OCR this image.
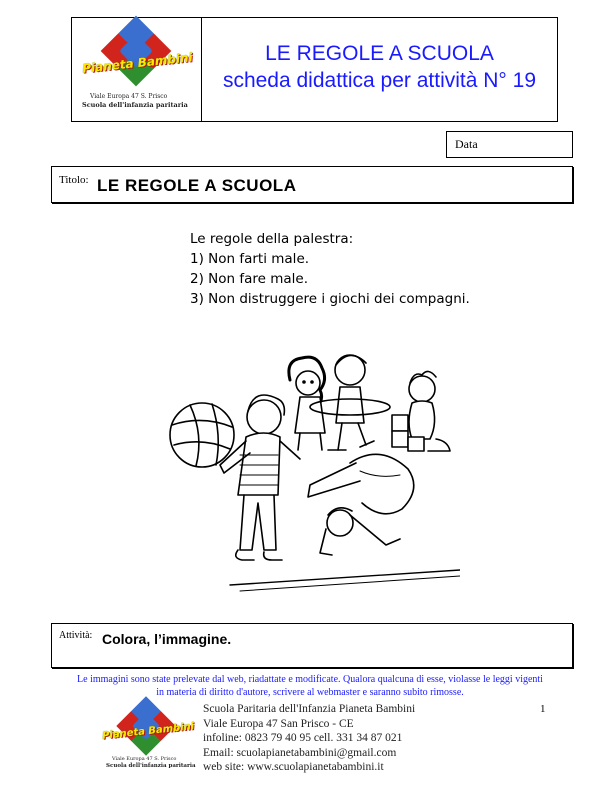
Pianeta Bambini
Viale Europa 47 S. Prisco
Scuola dell'infanzia paritaria
LE REGOLE A SCUOLA
scheda didattica per attività N° 19
Data
Titolo: LE REGOLE A SCUOLA
Le regole della palestra:
1) Non farti male.
2) Non fare male.
3) Non distruggere i giochi dei compagni.
Attività: Colora, l’immagine.
Le immagini sono state prelevate dal web, riadattate e modificate. Qualora qualcuna di esse, violasse le leggi vigenti
in materia di diritto d'autore, scrivere al webmaster e saranno subito rimosse.
1
Pianeta Bambini
Viale Europa 47 S. Prisco
Scuola dell'infanzia paritaria
Scuola Paritaria dell'Infanzia Pianeta Bambini
Viale Europa 47 San Prisco - CE
infoline: 0823 79 40 95 cell. 331 34 87 021
Email: scuolapianetabambini@gmail.com
web site: www.scuolapianetabambini.it
